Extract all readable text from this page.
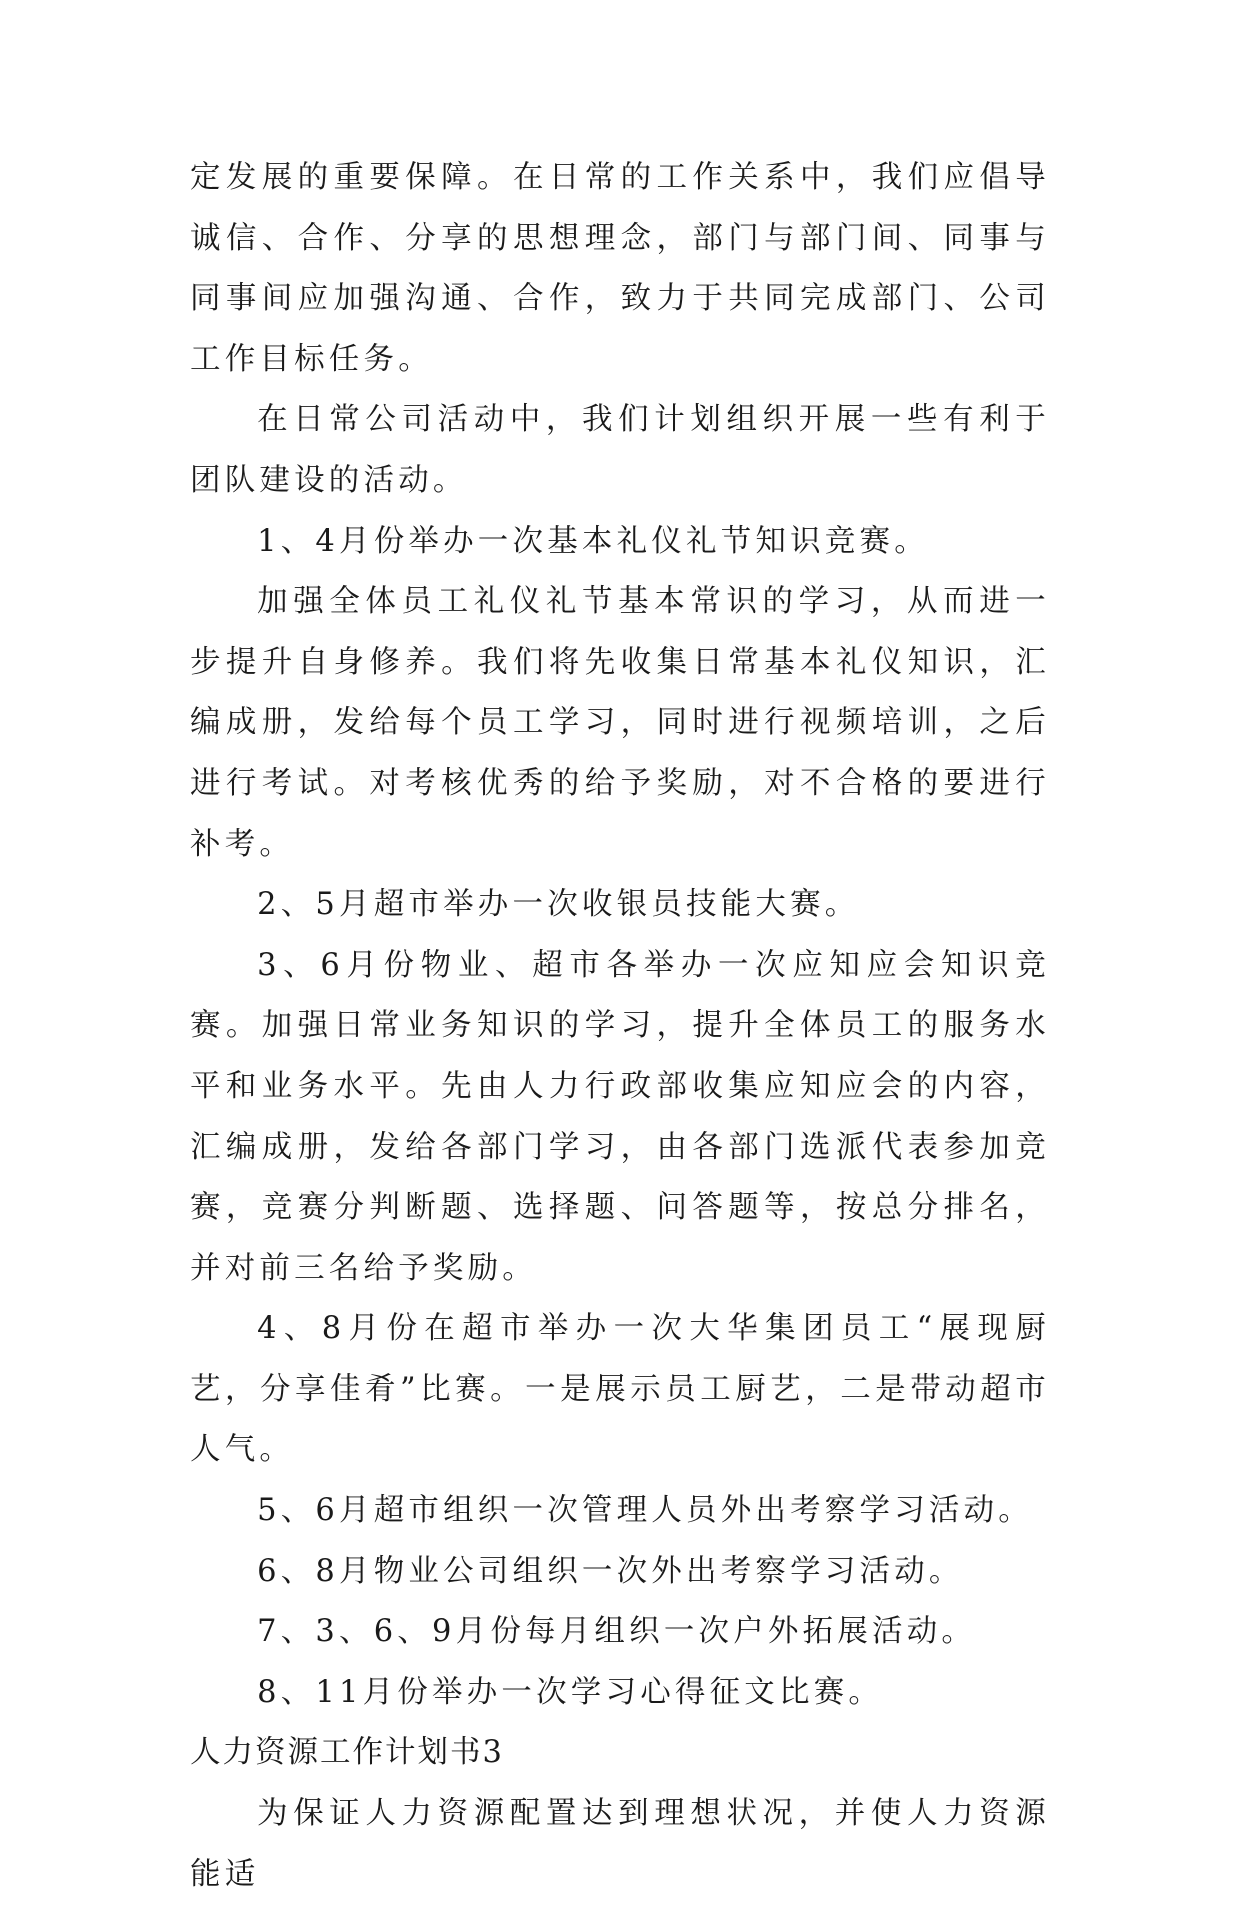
定发展的重要保障。在日常的工作关系中，我们应倡导诚信、合作、分享的思想理念，部门与部门间、同事与同事间应加强沟通、合作，致力于共同完成部门、公司工作目标任务。

在日常公司活动中，我们计划组织开展一些有利于团队建设的活动。

1、4月份举办一次基本礼仪礼节知识竞赛。

加强全体员工礼仪礼节基本常识的学习，从而进一步提升自身修养。我们将先收集日常基本礼仪知识，汇编成册，发给每个员工学习，同时进行视频培训，之后进行考试。对考核优秀的给予奖励，对不合格的要进行补考。

2、5月超市举办一次收银员技能大赛。

3、6月份物业、超市各举办一次应知应会知识竞赛。加强日常业务知识的学习，提升全体员工的服务水平和业务水平。先由人力行政部收集应知应会的内容，汇编成册，发给各部门学习，由各部门选派代表参加竞赛，竞赛分判断题、选择题、问答题等，按总分排名，并对前三名给予奖励。

4、8月份在超市举办一次大华集团员工“展现厨艺，分享佳肴”比赛。一是展示员工厨艺，二是带动超市人气。

5、6月超市组织一次管理人员外出考察学习活动。

6、8月物业公司组织一次外出考察学习活动。

7、3、6、9月份每月组织一次户外拓展活动。

8、11月份举办一次学习心得征文比赛。

人力资源工作计划书3

为保证人力资源配置达到理想状况，并使人力资源能适
